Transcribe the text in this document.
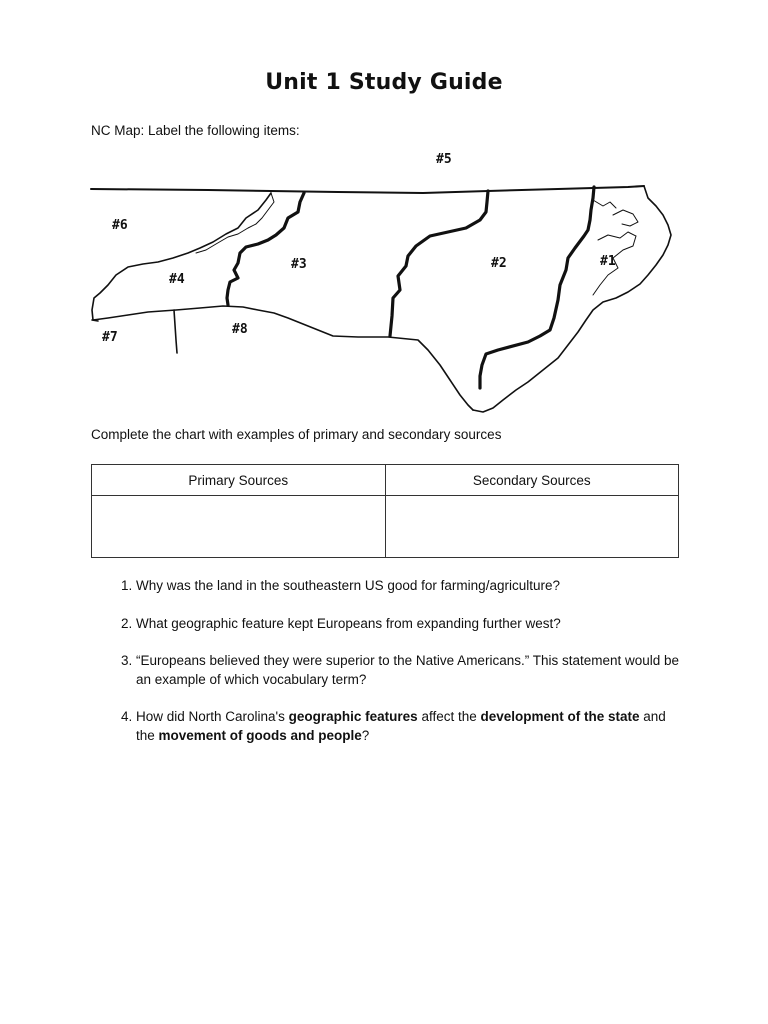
Unit 1 Study Guide
NC Map: Label the following items:
#1
#2
#3
#4
#5
#6
#7
#8
Complete the chart with examples of primary and secondary sources
Primary Sources	Secondary Sources

1. Why was the land in the southeastern US good for farming/agriculture?
2. What geographic feature kept Europeans from expanding further west?
3. “Europeans believed they were superior to the Native Americans.” This statement would be an example of which vocabulary term?
4. How did North Carolina's geographic features affect the development of the state and the movement of goods and people?
